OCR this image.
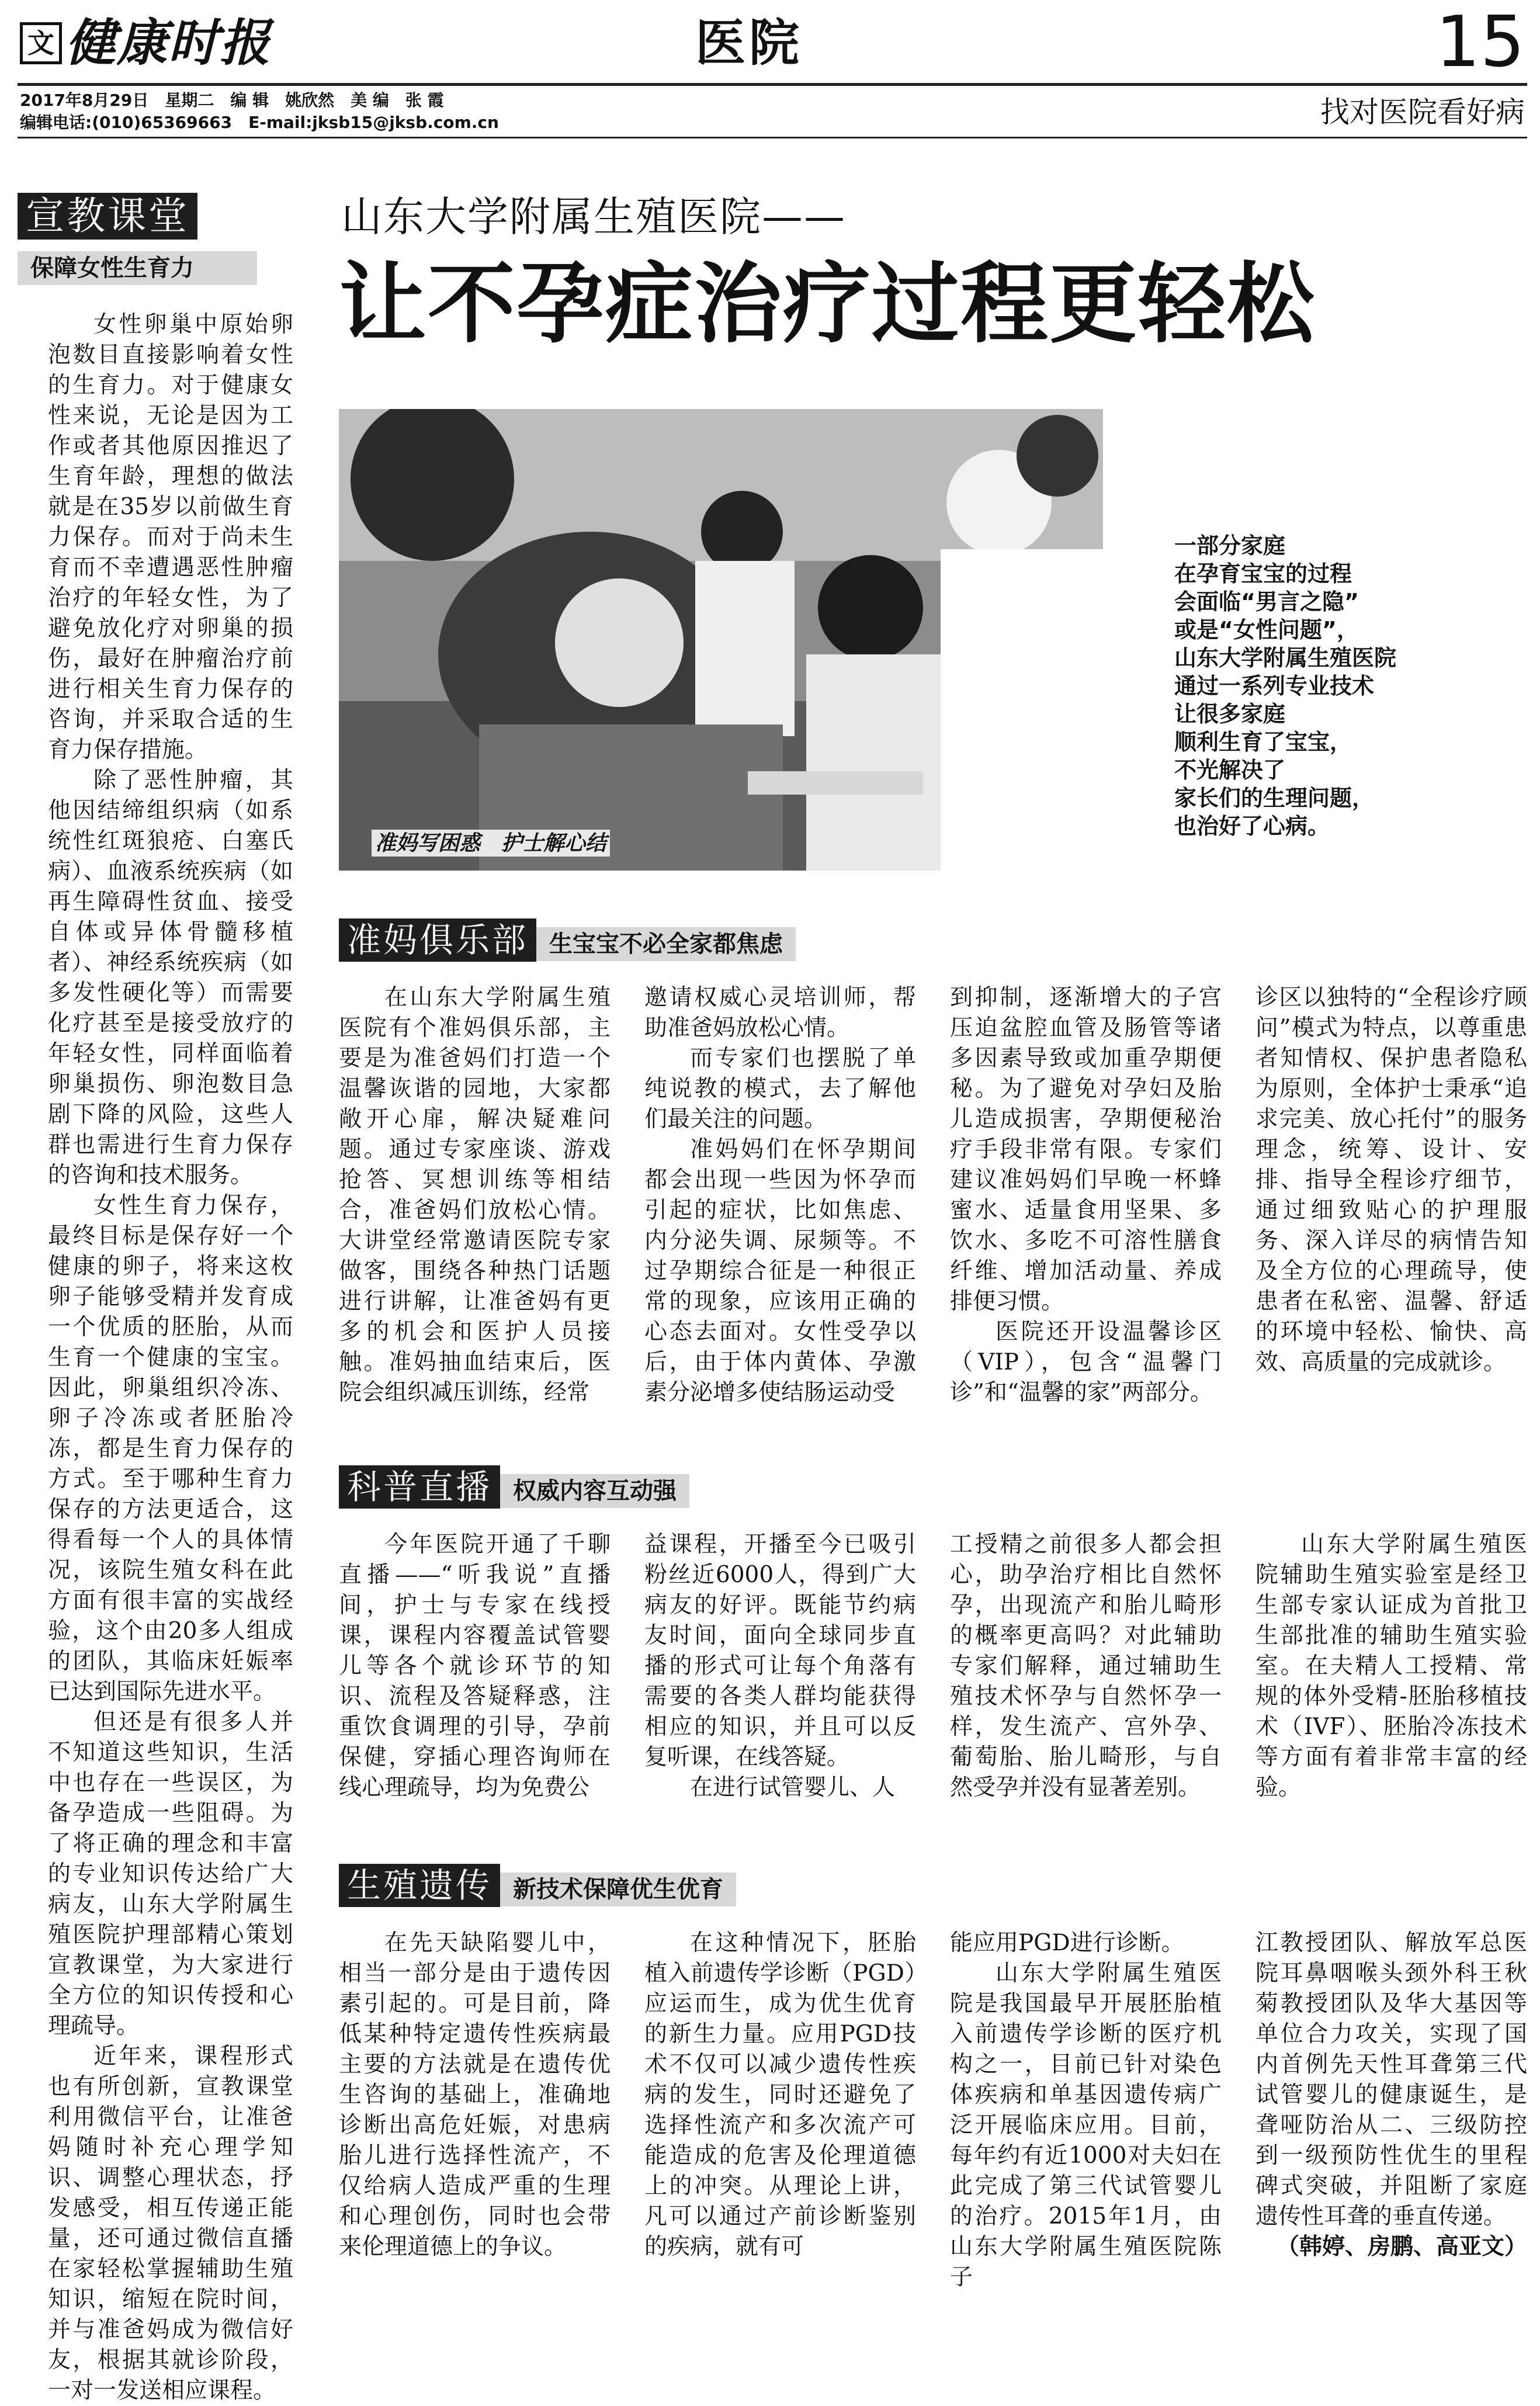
文 健康时报	医院	15
2017年8月29日　星期二　编 辑　姚欣然　美 编　张 霞
编辑电话:(010)65369663　E-mail:jksb15@jksb.com.cn	找对医院看好病
宣教课堂
保障女性生育力

女性卵巢中原始卵泡数目直接影响着女性的生育力。对于健康女性来说，无论是因为工作或者其他原因推迟了生育年龄，理想的做法就是在35岁以前做生育力保存。而对于尚未生育而不幸遭遇恶性肿瘤治疗的年轻女性，为了避免放化疗对卵巢的损伤，最好在肿瘤治疗前进行相关生育力保存的咨询，并采取合适的生育力保存措施。

除了恶性肿瘤，其他因结缔组织病（如系统性红斑狼疮、白塞氏病）、血液系统疾病（如再生障碍性贫血、接受自体或异体骨髓移植者）、神经系统疾病（如多发性硬化等）而需要化疗甚至是接受放疗的年轻女性，同样面临着卵巢损伤、卵泡数目急剧下降的风险，这些人群也需进行生育力保存的咨询和技术服务。

女性生育力保存，最终目标是保存好一个健康的卵子，将来这枚卵子能够受精并发育成一个优质的胚胎，从而生育一个健康的宝宝。因此，卵巢组织冷冻、卵子冷冻或者胚胎冷冻，都是生育力保存的方式。至于哪种生育力保存的方法更适合，这得看每一个人的具体情况，该院生殖女科在此方面有很丰富的实战经验，这个由20多人组成的团队，其临床妊娠率已达到国际先进水平。

但还是有很多人并不知道这些知识，生活中也存在一些误区，为备孕造成一些阻碍。为了将正确的理念和丰富的专业知识传达给广大病友，山东大学附属生殖医院护理部精心策划宣教课堂，为大家进行全方位的知识传授和心理疏导。

近年来，课程形式也有所创新，宣教课堂利用微信平台，让准爸妈随时补充心理学知识、调整心理状态，抒发感受，相互传递正能量，还可通过微信直播在家轻松掌握辅助生殖知识，缩短在院时间，并与准爸妈成为微信好友，根据其就诊阶段，一对一发送相应课程。

山东大学附属生殖医院——
让不孕症治疗过程更轻松
准妈写困惑　护士解心结
一部分家庭
在孕育宝宝的过程
会面临“男言之隐”
或是“女性问题”，
山东大学附属生殖医院
通过一系列专业技术
让很多家庭
顺利生育了宝宝，
不光解决了
家长们的生理问题，
也治好了心病。
准妈俱乐部 生宝宝不必全家都焦虑

在山东大学附属生殖医院有个准妈俱乐部，主要是为准爸妈们打造一个温馨诙谐的园地，大家都敞开心扉，解决疑难问题。通过专家座谈、游戏抢答、冥想训练等相结合，准爸妈们放松心情。大讲堂经常邀请医院专家做客，围绕各种热门话题进行讲解，让准爸妈有更多的机会和医护人员接触。准妈抽血结束后，医院会组织减压训练，经常

邀请权威心灵培训师，帮助准爸妈放松心情。

而专家们也摆脱了单纯说教的模式，去了解他们最关注的问题。

准妈妈们在怀孕期间都会出现一些因为怀孕而引起的症状，比如焦虑、内分泌失调、尿频等。不过孕期综合征是一种很正常的现象，应该用正确的心态去面对。女性受孕以后，由于体内黄体、孕激素分泌增多使结肠运动受

到抑制，逐渐增大的子宫压迫盆腔血管及肠管等诸多因素导致或加重孕期便秘。为了避免对孕妇及胎儿造成损害，孕期便秘治疗手段非常有限。专家们建议准妈妈们早晚一杯蜂蜜水、适量食用坚果、多饮水、多吃不可溶性膳食纤维、增加活动量、养成排便习惯。

医院还开设温馨诊区（VIP），包含“温馨门诊”和“温馨的家”两部分。

诊区以独特的“全程诊疗顾问”模式为特点，以尊重患者知情权、保护患者隐私为原则，全体护士秉承“追求完美、放心托付”的服务理念，统筹、设计、安排、指导全程诊疗细节，通过细致贴心的护理服务、深入详尽的病情告知及全方位的心理疏导，使患者在私密、温馨、舒适的环境中轻松、愉快、高效、高质量的完成就诊。

科普直播 权威内容互动强

今年医院开通了千聊直播——“听我说”直播间，护士与专家在线授课，课程内容覆盖试管婴儿等各个就诊环节的知识、流程及答疑释惑，注重饮食调理的引导，孕前保健，穿插心理咨询师在线心理疏导，均为免费公

益课程，开播至今已吸引粉丝近6000人，得到广大病友的好评。既能节约病友时间，面向全球同步直播的形式可让每个角落有需要的各类人群均能获得相应的知识，并且可以反复听课，在线答疑。

在进行试管婴儿、人

工授精之前很多人都会担心，助孕治疗相比自然怀孕，出现流产和胎儿畸形的概率更高吗？对此辅助专家们解释，通过辅助生殖技术怀孕与自然怀孕一样，发生流产、宫外孕、葡萄胎、胎儿畸形，与自然受孕并没有显著差别。

山东大学附属生殖医院辅助生殖实验室是经卫生部专家认证成为首批卫生部批准的辅助生殖实验室。在夫精人工授精、常规的体外受精-胚胎移植技术（IVF）、胚胎冷冻技术等方面有着非常丰富的经验。

生殖遗传 新技术保障优生优育

在先天缺陷婴儿中，相当一部分是由于遗传因素引起的。可是目前，降低某种特定遗传性疾病最主要的方法就是在遗传优生咨询的基础上，准确地诊断出高危妊娠，对患病胎儿进行选择性流产，不仅给病人造成严重的生理和心理创伤，同时也会带来伦理道德上的争议。

在这种情况下，胚胎植入前遗传学诊断（PGD）应运而生，成为优生优育的新生力量。应用PGD技术不仅可以减少遗传性疾病的发生，同时还避免了选择性流产和多次流产可能造成的危害及伦理道德上的冲突。从理论上讲，凡可以通过产前诊断鉴别的疾病，就有可

能应用PGD进行诊断。

山东大学附属生殖医院是我国最早开展胚胎植入前遗传学诊断的医疗机构之一，目前已针对染色体疾病和单基因遗传病广泛开展临床应用。目前，每年约有近1000对夫妇在此完成了第三代试管婴儿的治疗。2015年1月，由山东大学附属生殖医院陈子

江教授团队、解放军总医院耳鼻咽喉头颈外科王秋菊教授团队及华大基因等单位合力攻关，实现了国内首例先天性耳聋第三代试管婴儿的健康诞生，是聋哑防治从二、三级防控到一级预防性优生的里程碑式突破，并阻断了家庭遗传性耳聋的垂直传递。

（韩婷、房鹏、高亚文）
